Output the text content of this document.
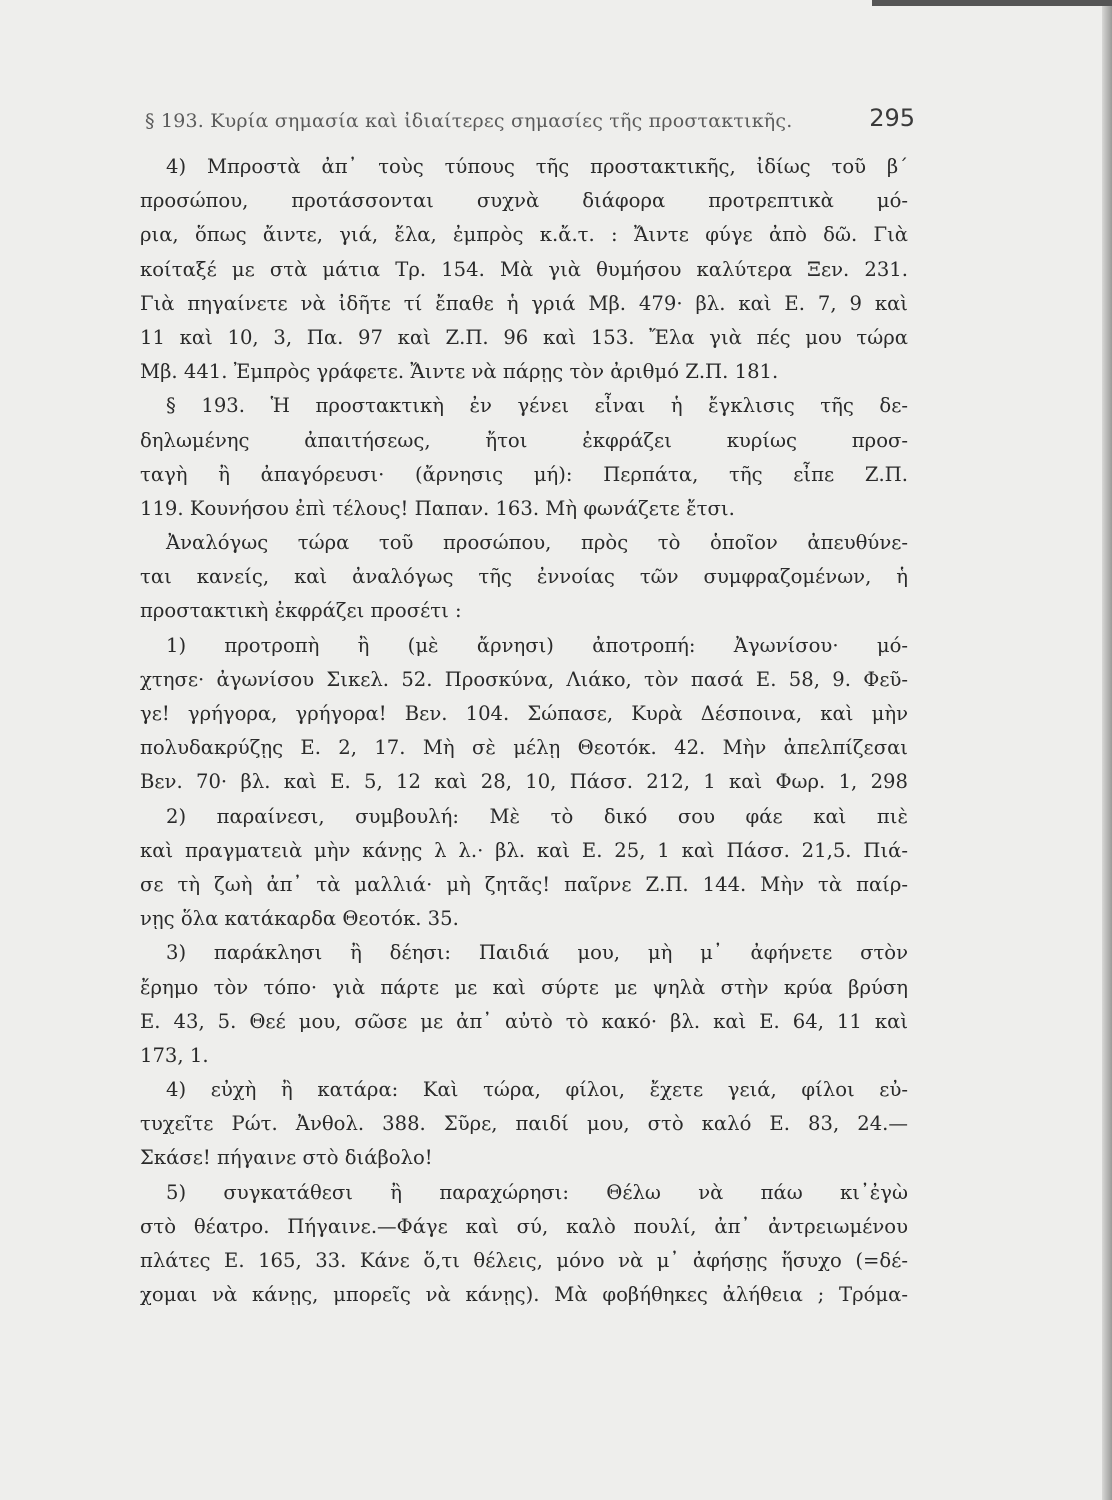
§ 193. Κυρία σημασία καὶ ἰδιαίτερες σημασίες τῆς προστακτικῆς.	295
4) Μπροστὰ ἀπ᾿ τοὺς τύπους τῆς προστακτικῆς, ἰδίως τοῦ β΄
προσώπου, προτάσσονται συχνὰ διάφορα προτρεπτικὰ μό-
ρια, ὅπως ἄιντε, γιά, ἔλα, ἐμπρὸς κ.ἄ.τ. : Ἄιντε φύγε ἀπὸ δῶ. Γιὰ
κοίταξέ με στὰ μάτια Τρ. 154. Μὰ γιὰ θυμήσου καλύτερα Ξεν. 231.
Γιὰ πηγαίνετε νὰ ἰδῆτε τί ἔπαθε ἡ γριά Μβ. 479· βλ. καὶ Ε. 7, 9 καὶ
11 καὶ 10, 3, Πα. 97 καὶ Ζ.Π. 96 καὶ 153. Ἔλα γιὰ πές μου τώρα
Μβ. 441. Ἐμπρὸς γράφετε. Ἄιντε νὰ πάρῃς τὸν ἀριθμό Ζ.Π. 181.
§ 193. Ἡ προστακτικὴ ἐν γένει εἶναι ἡ ἔγκλισις τῆς δε-
δηλωμένης ἀπαιτήσεως, ἤτοι ἐκφράζει κυρίως προσ-
ταγὴ ἢ ἀπαγόρευσι· (ἄρνησις μή): Περπάτα, τῆς εἶπε Ζ.Π.
119. Κουνήσου ἐπὶ τέλους! Παπαν. 163. Μὴ φωνάζετε ἔτσι.
Ἀναλόγως τώρα τοῦ προσώπου, πρὸς τὸ ὁποῖον ἀπευθύνε-
ται κανείς, καὶ ἀναλόγως τῆς ἐννοίας τῶν συμφραζομένων, ἡ
προστακτικὴ ἐκφράζει προσέτι :
1) προτροπὴ ἢ (μὲ ἄρνησι) ἀποτροπή: Ἀγωνίσου· μό-
χτησε· ἀγωνίσου Σικελ. 52. Προσκύνα, Λιάκο, τὸν πασά Ε. 58, 9. Φεῦ-
γε! γρήγορα, γρήγορα! Βεν. 104. Σώπασε, Κυρὰ Δέσποινα, καὶ μὴν
πολυδακρύζῃς Ε. 2, 17. Μὴ σὲ μέλῃ Θεοτόκ. 42. Μὴν ἀπελπίζεσαι
Βεν. 70· βλ. καὶ Ε. 5, 12 καὶ 28, 10, Πάσσ. 212, 1 καὶ Φωρ. 1, 298
2) παραίνεσι, συμβουλή: Μὲ τὸ δικό σου φάε καὶ πιὲ
καὶ πραγματειὰ μὴν κάνῃς λ λ.· βλ. καὶ Ε. 25, 1 καὶ Πάσσ. 21,5. Πιά-
σε τὴ ζωὴ ἀπ᾿ τὰ μαλλιά· μὴ ζητᾶς! παῖρνε Ζ.Π. 144. Μὴν τὰ παίρ-
νῃς ὅλα κατάκαρδα Θεοτόκ. 35.
3) παράκλησι ἢ δέησι: Παιδιά μου, μὴ μ᾿ ἀφήνετε στὸν
ἔρημο τὸν τόπο· γιὰ πάρτε με καὶ σύρτε με ψηλὰ στὴν κρύα βρύση
Ε. 43, 5. Θεέ μου, σῶσε με ἀπ᾿ αὐτὸ τὸ κακό· βλ. καὶ Ε. 64, 11 καὶ
173, 1.
4) εὐχὴ ἢ κατάρα: Καὶ τώρα, φίλοι, ἔχετε γειά, φίλοι εὐ-
τυχεῖτε Ρώτ. Ἀνθολ. 388. Σῦρε, παιδί μου, στὸ καλό Ε. 83, 24.—
Σκάσε! πήγαινε στὸ διάβολο!
5) συγκατάθεσι ἢ παραχώρησι: Θέλω νὰ πάω κι᾿ἐγὼ
στὸ θέατρο. Πήγαινε.—Φάγε καὶ σύ, καλὸ πουλί, ἀπ᾿ ἀντρειωμένου
πλάτες Ε. 165, 33. Κάνε ὅ,τι θέλεις, μόνο νὰ μ᾿ ἀφήσῃς ἥσυχο (=δέ-
χομαι νὰ κάνῃς, μπορεῖς νὰ κάνῃς). Μὰ φοβήθηκες ἀλήθεια ; Τρόμα-
